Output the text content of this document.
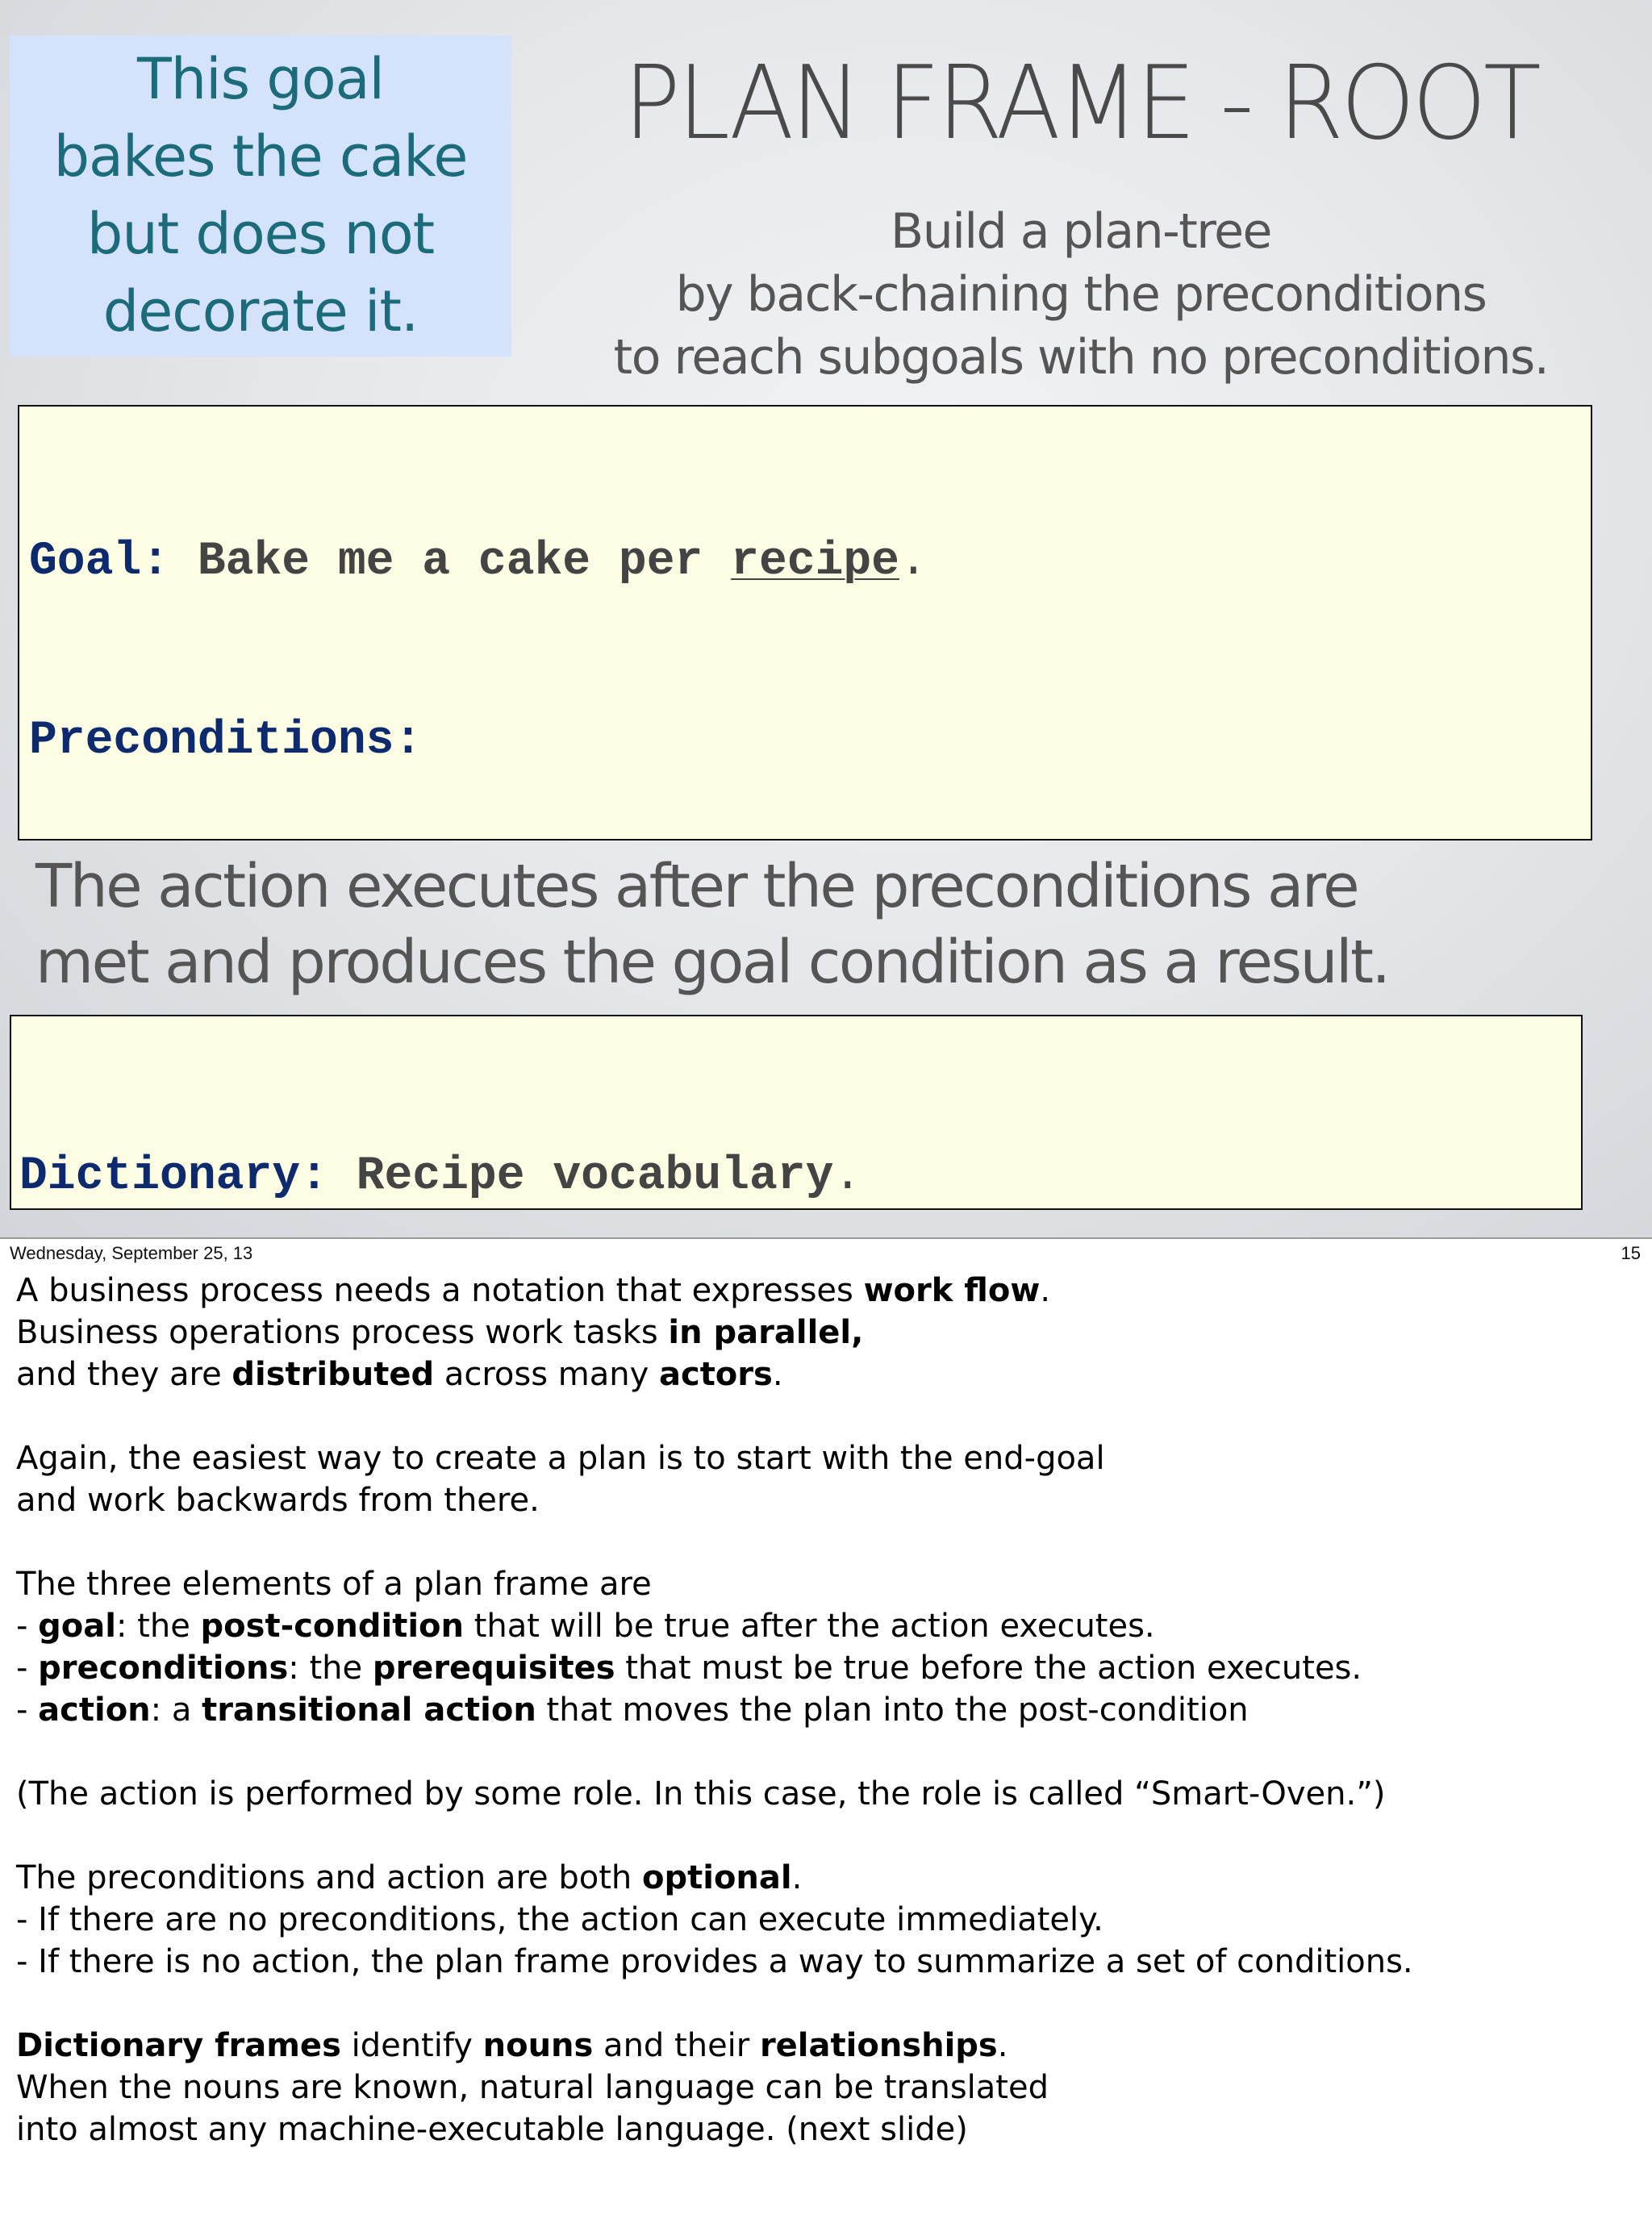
This goal
bakes the cake
but does not
decorate it.
PLAN FRAME - ROOT
Build a plan-tree
by back-chaining the preconditions
to reach subgoals with no preconditions.

Goal: Bake me a cake per recipe.

Preconditions:

The action executes after the preconditions are
met and produces the goal condition as a result.

Dictionary: Recipe vocabulary.

Wednesday, September 25, 13	15
A business process needs a notation that expresses work flow.
Business operations process work tasks in parallel,
and they are distributed across many actors.
Again, the easiest way to create a plan is to start with the end-goal
and work backwards from there.
The three elements of a plan frame are
- goal: the post-condition that will be true after the action executes.
- preconditions: the prerequisites that must be true before the action executes.
- action: a transitional action that moves the plan into the post-condition
(The action is performed by some role. In this case, the role is called “Smart-Oven.”)
The preconditions and action are both optional.
- If there are no preconditions, the action can execute immediately.
- If there is no action, the plan frame provides a way to summarize a set of conditions.
Dictionary frames identify nouns and their relationships.
When the nouns are known, natural language can be translated
into almost any machine-executable language. (next slide)
